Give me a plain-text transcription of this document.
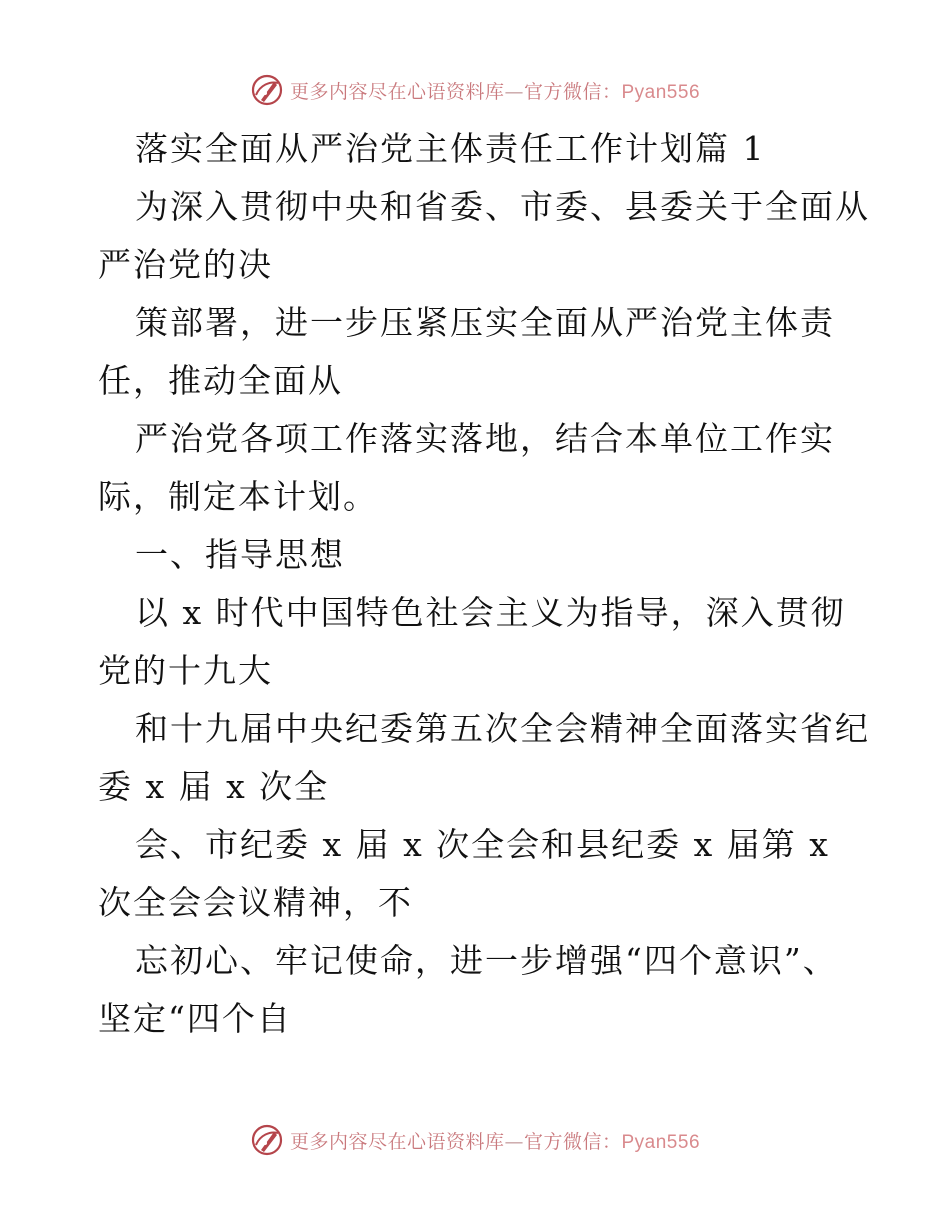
更多内容尽在心语资料库—官方微信：Pyan556
落实全面从严治党主体责任工作计划篇 1
为深入贯彻中央和省委、市委、县委关于全面从
严治党的决
策部署，进一步压紧压实全面从严治党主体责
任，推动全面从
严治党各项工作落实落地，结合本单位工作实
际，制定本计划。
一、指导思想
以 x 时代中国特色社会主义为指导，深入贯彻
党的十九大
和十九届中央纪委第五次全会精神全面落实省纪
委 x 届 x 次全
会、市纪委 x 届 x 次全会和县纪委 x 届第 x
次全会会议精神，不
忘初心、牢记使命，进一步增强“四个意识”、
坚定“四个自
更多内容尽在心语资料库—官方微信：Pyan556
